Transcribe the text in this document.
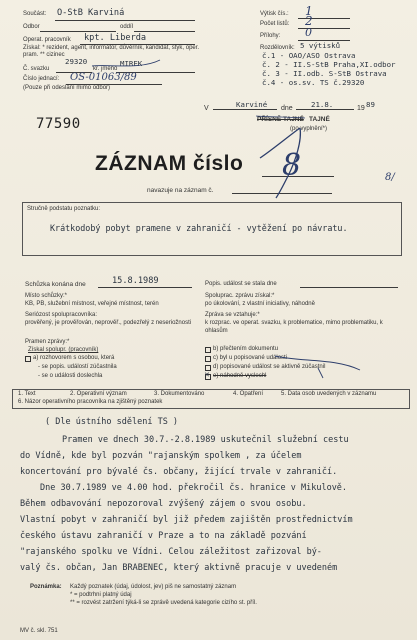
Součást: O-StB Karviná
Odbor	oddíl
Operat. pracovník kpt. Liberda
Získal: * rezident, agent, informátor, důvěrník, kandidát, styk, oper. pram. ** cizinec
Č. svazku
29320
kr. jméno
MIREK
Číslo jednací: OS-01063/89
(Pouze při odeslání mimo odbor)
Výtisk čís.: 1
Počet listů: 2
Přílohy: 0
Rozdělovník: 5 výtisků
č.1 - OAO/ASO Ostrava
č. 2 - II.S-StB Praha,XI.odbor
č. 3 - II.odb. S-StB Ostrava
č.4 - os.sv. TS č.29320
V	Karviné dne 21.8.	19 89
PŘÍSNĚ TAJNÉ TAJNÉ
(po vyplnění*)
77590
ZÁZNAM číslo 8	8/
navazuje na záznam č.
Stručně podstatu poznatku:
Krátkodobý pobyt pramene v zahraničí - vytěžení po návratu.
Schůzka konána dne	15.8.1989
Místo schůzky:*
KB, PB, služební místnost, veřejné místnost, terén
Seriózost spolupracovníka:
prověřený, je prověřován, neprověř., podezřelý z neseriožnosti
Pramen zprávy:*
Získal spolupr. (pracovník)
a) rozhovorem s osobou, která
- se popis. událostí zúčastnila
- se o události doslechla
Popis. událost se stala dne
Spoluprac. zprávu získal:*
po úkolování, z vlastní iniciativy, náhodně
Zpráva se vztahuje:*
k rozprac. ve operat. svazku, k problematice, mimo problematiku, k ohlasům
b) přečtením dokumentu
c) byl u popisované události
d) popisované událost se aktivně zúčastnil
✕
e) náhodně vyslechl
1. Text	2. Operativní význam	3. Dokumentováno	4. Opatření	5. Data osob uvedených v záznamu
6. Názor operativního pracovníka na zjištěný poznatek
( Dle ústního sdělení TS )
Pramen ve dnech 30.7.-2.8.1989 uskutečnil služební cestu
do Vídně, kde byl pozván "rajanským spolkem , za účelem
koncertování pro bývalé čs. občany, žijící trvale v zahraničí.
Dne 30.7.1989 ve 4.00 hod. překročil čs. hranice v Mikulově.
Během odbavování nepozoroval zvýšený zájem o svou osobu.
Vlastní pobyt v zahraničí byl již předem zajištěn prostřednictvím
českého ústavu zahraničí v Praze a to na základě pozvání
"rajanského spolku ve Vídni. Celou záležitost zařizoval bý-
valý čs. občan, Jan BRABENEC, který aktivně pracuje v uvedeném
Poznámka: Každý poznatek (údaj, údolost, jev) piš ne samostatný záznam
* = podtrhni platný údaj
** = rozvést zatržení týká-li se zprávě uvedená kategorie cizího st. příl.
MV č. skl. 751
